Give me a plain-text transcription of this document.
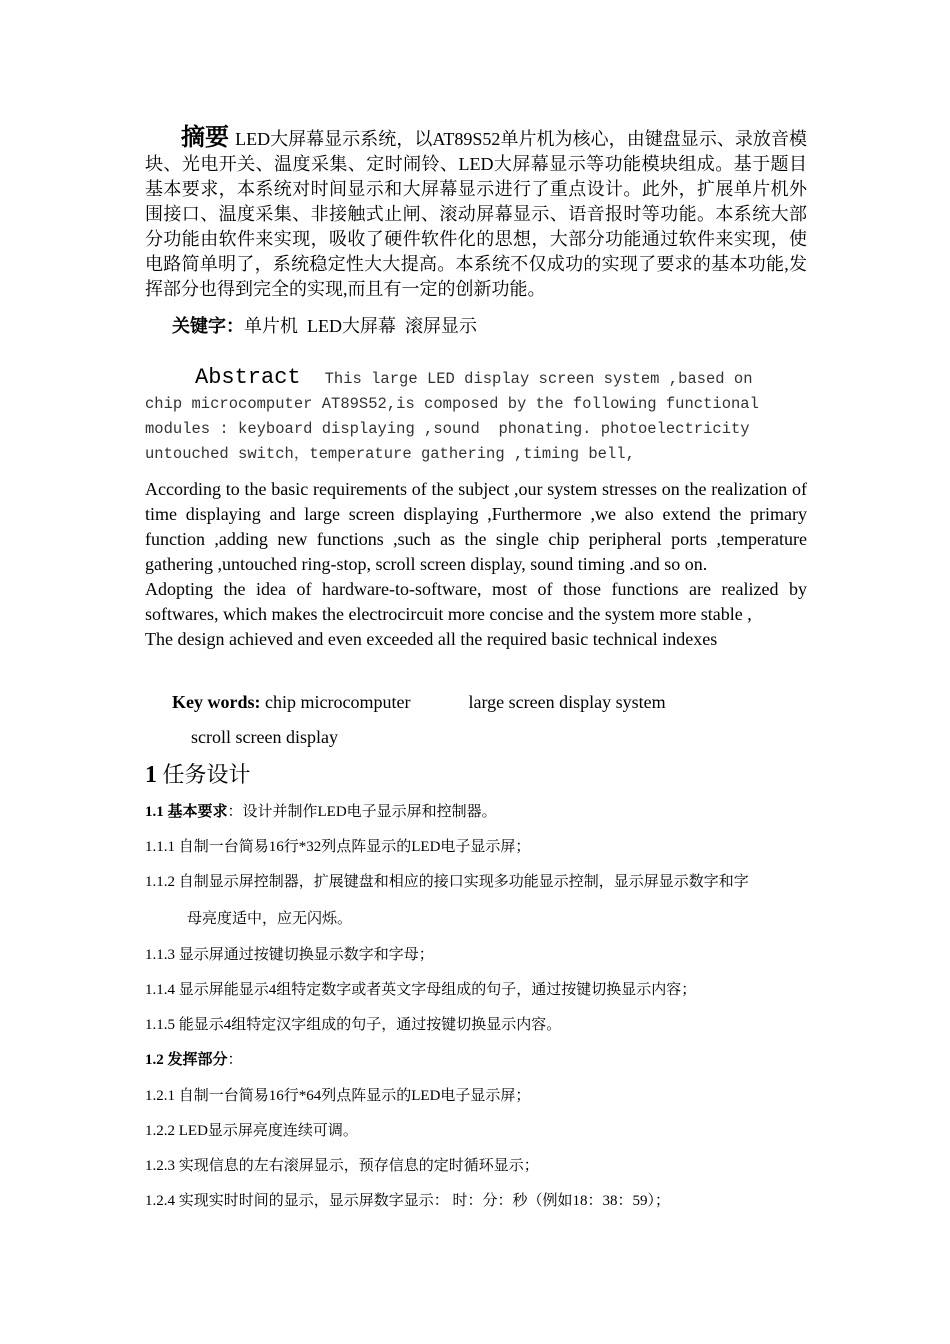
摘要 LED大屏幕显示系统，以AT89S52单片机为核心，由键盘显示、录放音模块、光电开关、温度采集、定时闹铃、LED大屏幕显示等功能模块组成。基于题目基本要求，本系统对时间显示和大屏幕显示进行了重点设计。此外，扩展单片机外围接口、温度采集、非接触式止闸、滚动屏幕显示、语音报时等功能。本系统大部分功能由软件来实现，吸收了硬件软件化的思想，大部分功能通过软件来实现，使电路简单明了，系统稳定性大大提高。本系统不仅成功的实现了要求的基本功能,发挥部分也得到完全的实现,而且有一定的创新功能。
关键字：单片机  LED大屏幕  滚屏显示
Abstract This large LED display screen system ,based on
chip microcomputer AT89S52,is composed by the following functional
modules : keyboard displaying ,sound  phonating. photoelectricity
untouched switch，temperature gathering ,timing bell,

According to the basic requirements of the subject ,our system stresses on the realization of time displaying and large screen displaying ,Furthermore ,we also extend the primary function ,adding new functions ,such as the single chip peripheral ports ,temperature gathering ,untouched ring-stop, scroll screen display, sound timing .and so on.

Adopting the idea of hardware-to-software, most of those functions are realized by softwares, which makes the electrocircuit more concise and the system more stable ,

The design achieved and even exceeded all the required basic technical indexes

Key words: chip microcomputer	large screen display system
scroll screen display
1 任务设计
1.1 基本要求：设计并制作LED电子显示屏和控制器。
1.1.1 自制一台简易16行*32列点阵显示的LED电子显示屏；
1.1.2 自制显示屏控制器，扩展键盘和相应的接口实现多功能显示控制，显示屏显示数字和字
母亮度适中，应无闪烁。
1.1.3 显示屏通过按键切换显示数字和字母；
1.1.4 显示屏能显示4组特定数字或者英文字母组成的句子，通过按键切换显示内容；
1.1.5 能显示4组特定汉字组成的句子，通过按键切换显示内容。
1.2 发挥部分：
1.2.1 自制一台简易16行*64列点阵显示的LED电子显示屏；
1.2.2 LED显示屏亮度连续可调。
1.2.3 实现信息的左右滚屏显示，预存信息的定时循环显示；
1.2.4 实现实时时间的显示，显示屏数字显示： 时：分：秒（例如18：38：59）；
